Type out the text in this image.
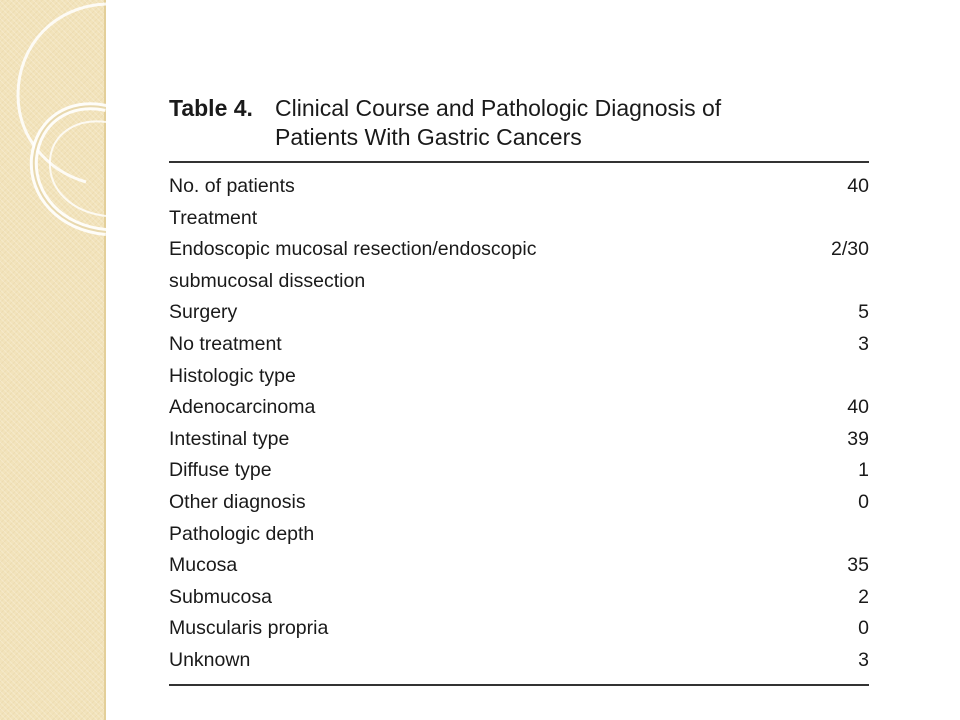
Table 4. Clinical Course and Pathologic Diagnosis of Patients With Gastric Cancers
No. of patients	40
Treatment	
Endoscopic mucosal resection/endoscopic	2/30
submucosal dissection	
Surgery	5
No treatment	3
Histologic type	
Adenocarcinoma	40
Intestinal type	39
Diffuse type	1
Other diagnosis	0
Pathologic depth	
Mucosa	35
Submucosa	2
Muscularis propria	0
Unknown	3
